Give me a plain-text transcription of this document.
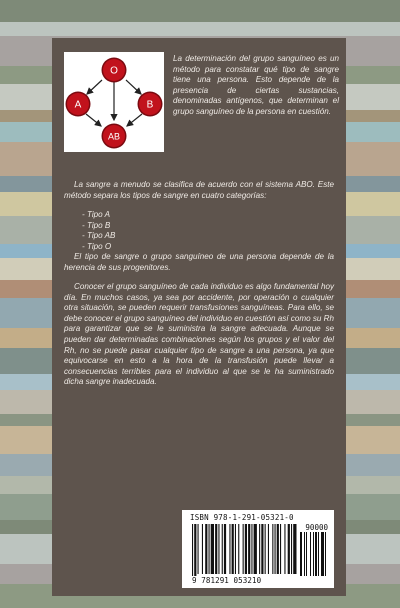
O
A	B
AB
La determinación del grupo sanguíneo es un método para constatar qué tipo de sangre tiene una persona. Esto depende de la presencia de ciertas sustancias, denominadas antígenos, que determinan el grupo sanguíneo de la persona en cuestión.
La sangre a menudo se clasifica de acuerdo con el sistema ABO. Este método separa los tipos de sangre en cuatro categorías:
- Tipo A
- Tipo B
- Tipo AB
- Tipo O
El tipo de sangre o grupo sanguíneo de una persona depende de la herencia de sus progenitores.
Conocer el grupo sanguíneo de cada individuo es algo fundamental hoy día. En muchos casos, ya sea por accidente, por operación o cualquier otra situación, se pueden requerir transfusiones sanguíneas. Para ello, se debe conocer el grupo sanguíneo del individuo en cuestión así como su Rh para garantizar que se le suministra la sangre adecuada. Aunque se pueden dar determinadas combinaciones según los grupos y el valor del Rh, no se puede pasar cualquier tipo de sangre a una persona, ya que equivocarse en esto a la hora de la transfusión puede llevar a consecuencias terribles para el individuo al que se le ha suministrado dicha sangre inadecuada.
ISBN 978-1-291-05321-0
90000
9 781291 053210
